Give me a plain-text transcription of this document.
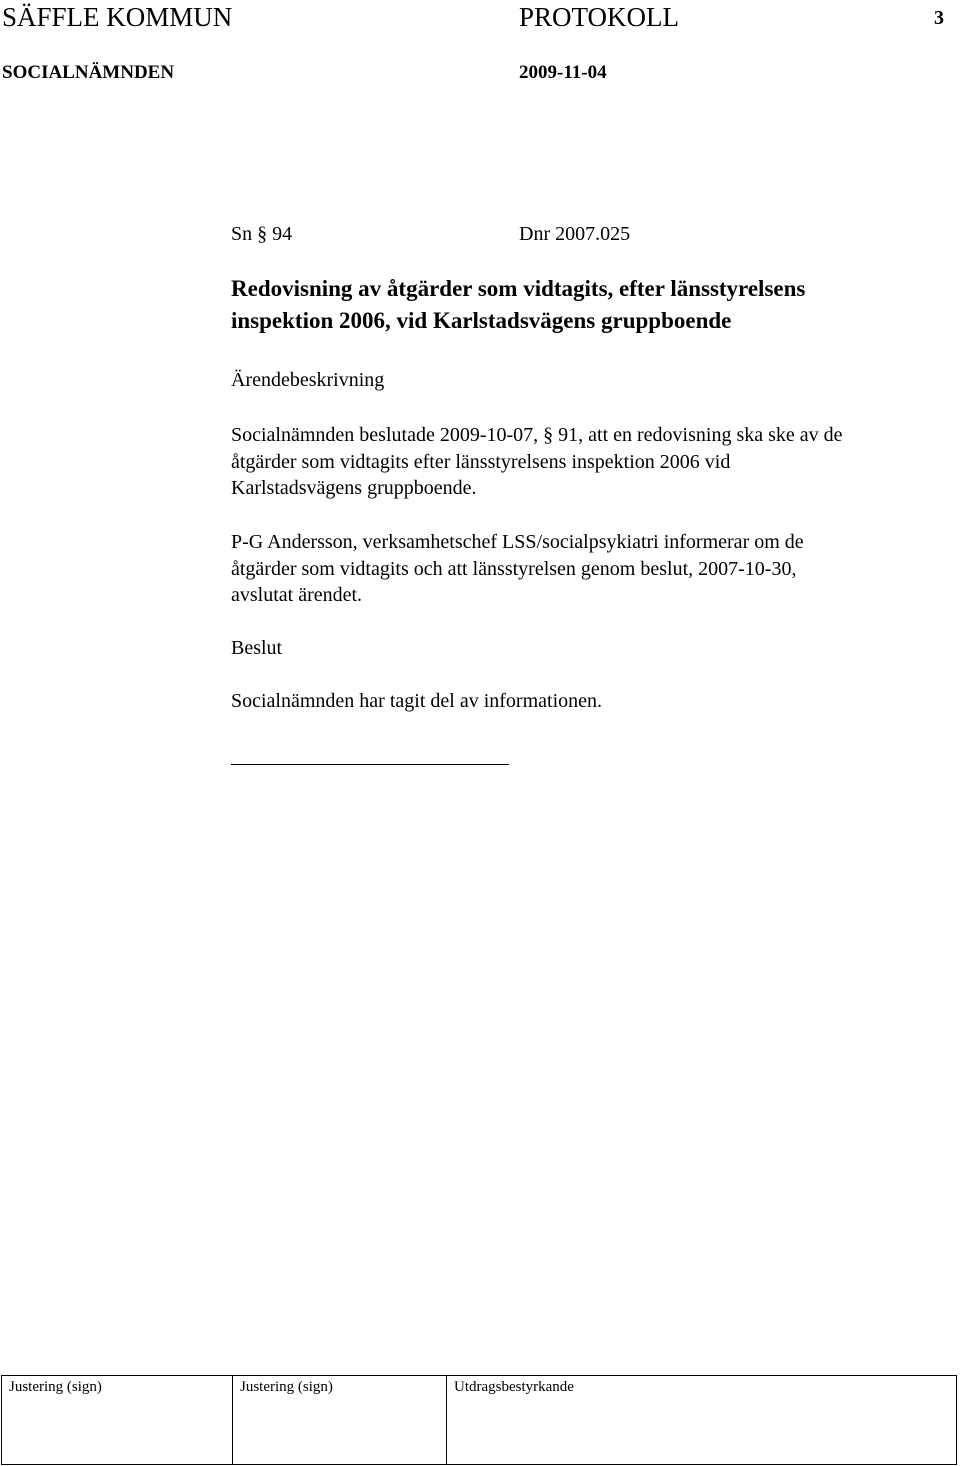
SÄFFLE KOMMUN	PROTOKOLL	3
SOCIALNÄMNDEN	2009-11-04
Sn § 94	Dnr 2007.025
Redovisning av åtgärder som vidtagits, efter länsstyrelsens
inspektion 2006, vid Karlstadsvägens gruppboende
Ärendebeskrivning
Socialnämnden beslutade 2009-10-07, § 91, att en redovisning ska ske av de
åtgärder som vidtagits efter länsstyrelsens inspektion 2006 vid
Karlstadsvägens gruppboende.
P-G Andersson, verksamhetschef LSS/socialpsykiatri informerar om de
åtgärder som vidtagits och att länsstyrelsen genom beslut, 2007-10-30,
avslutat ärendet.
Beslut
Socialnämnden har tagit del av informationen.
Justering (sign)	Justering (sign)	Utdragsbestyrkande
